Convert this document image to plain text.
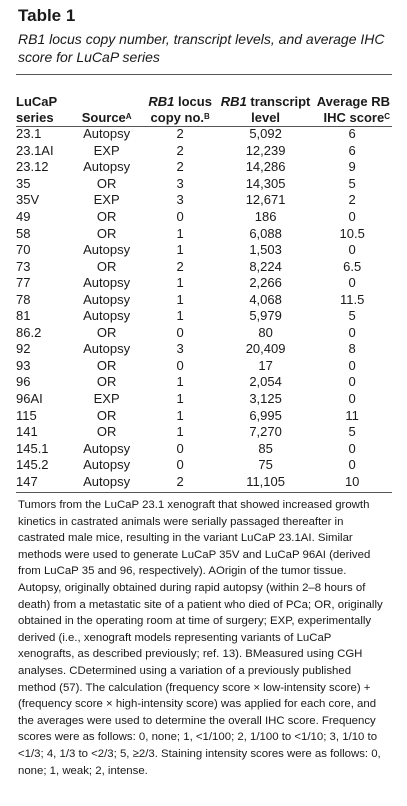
Table 1
RB1 locus copy number, transcript levels, and average IHC score for LuCaP series
LuCaP series	Source$^A$	RB1 locus copy no.$^B$	RB1 transcript level	Average RB IHC score$^C$
23.1	Autopsy	2	5,092	6
23.1AI	EXP	2	12,239	6
23.12	Autopsy	2	14,286	9
35	OR	3	14,305	5
35V	EXP	3	12,671	2
49	OR	0	186	0
58	OR	1	6,088	10.5
70	Autopsy	1	1,503	0
73	OR	2	8,224	6.5
77	Autopsy	1	2,266	0
78	Autopsy	1	4,068	11.5
81	Autopsy	1	5,979	5
86.2	OR	0	80	0
92	Autopsy	3	20,409	8
93	OR	0	17	0
96	OR	1	2,054	0
96AI	EXP	1	3,125	0
115	OR	1	6,995	11
141	OR	1	7,270	5
145.1	Autopsy	0	85	0
145.2	Autopsy	0	75	0
147	Autopsy	2	11,105	10
Tumors from the LuCaP 23.1 xenograft that showed increased growth kinetics in castrated animals were serially passaged thereafter in castrated male mice, resulting in the variant LuCaP 23.1AI. Similar methods were used to generate LuCaP 35V and LuCaP 96AI (derived from LuCaP 35 and 96, respectively). AOrigin of the tumor tissue. Autopsy, originally obtained during rapid autopsy (within 2–8 hours of death) from a metastatic site of a patient who died of PCa; OR, originally obtained in the operating room at time of surgery; EXP, experimentally derived (i.e., xenograft models representing variants of LuCaP xenografts, as described previously; ref. 13). BMeasured using CGH analyses. CDetermined using a variation of a previously published method (57). The calculation (frequency score × low-intensity score) + (frequency score × high-intensity score) was applied for each core, and the averages were used to determine the overall IHC score. Frequency scores were as follows: 0, none; 1, <1/100; 2, 1/100 to <1/10; 3, 1/10 to <1/3; 4, 1/3 to <2/3; 5, ≥2/3. Staining intensity scores were as follows: 0, none; 1, weak; 2, intense.
